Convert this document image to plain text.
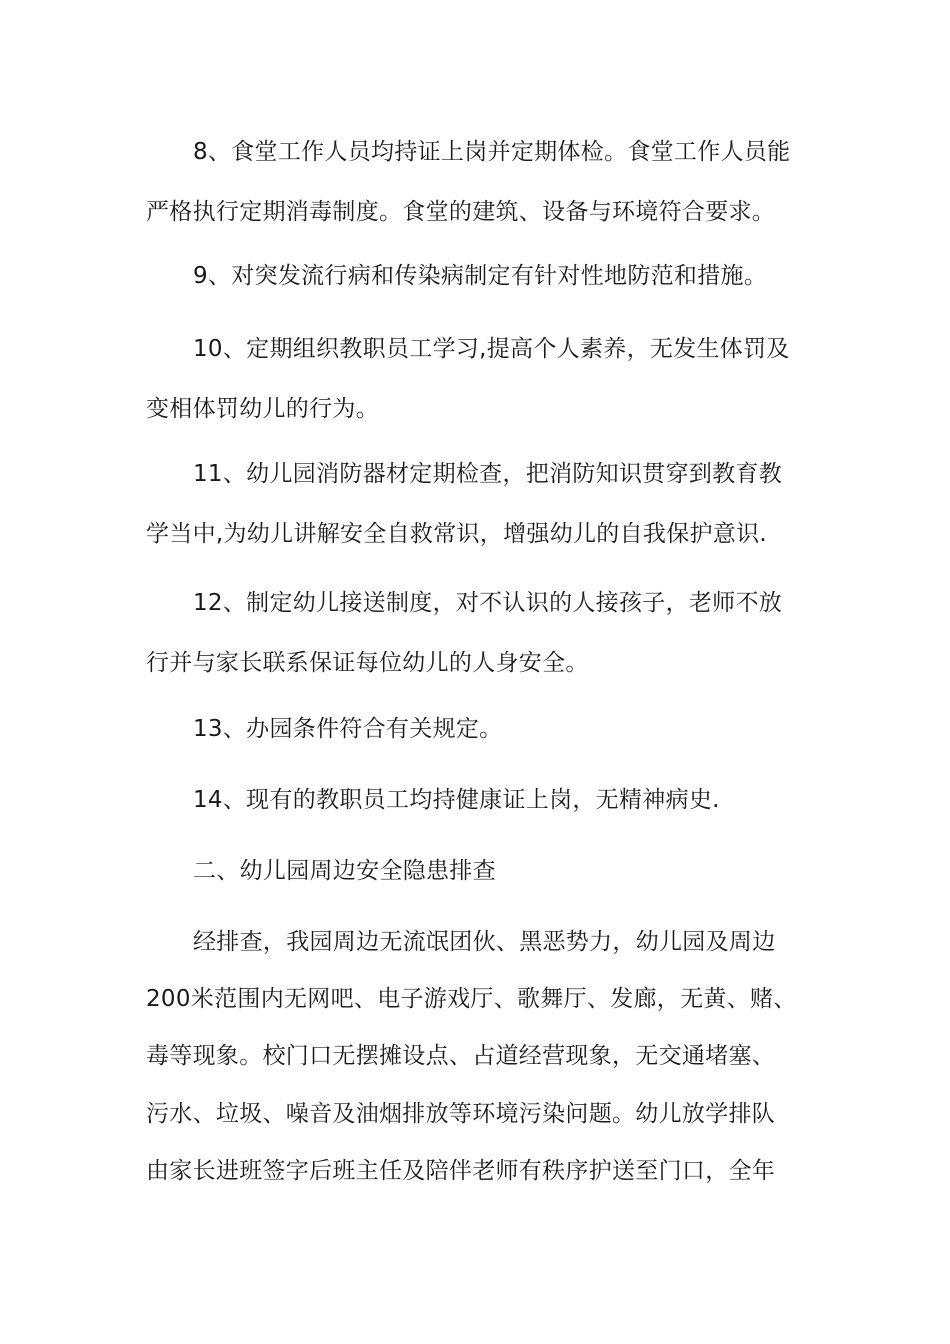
8、食堂工作人员均持证上岗并定期体检。食堂工作人员能
严格执行定期消毒制度。食堂的建筑、设备与环境符合要求。
9、对突发流行病和传染病制定有针对性地防范和措施。
10、定期组织教职员工学习,提高个人素养，无发生体罚及
变相体罚幼儿的行为。
11、幼儿园消防器材定期检查，把消防知识贯穿到教育教
学当中,为幼儿讲解安全自救常识，增强幼儿的自我保护意识.
12、制定幼儿接送制度，对不认识的人接孩子，老师不放
行并与家长联系保证每位幼儿的人身安全。
13、办园条件符合有关规定。
14、现有的教职员工均持健康证上岗，无精神病史.
二、幼儿园周边安全隐患排查
经排查，我园周边无流氓团伙、黑恶势力，幼儿园及周边
200米范围内无网吧、电子游戏厅、歌舞厅、发廊，无黄、赌、
毒等现象。校门口无摆摊设点、占道经营现象，无交通堵塞、
污水、垃圾、噪音及油烟排放等环境污染问题。幼儿放学排队
由家长进班签字后班主任及陪伴老师有秩序护送至门口，全年
